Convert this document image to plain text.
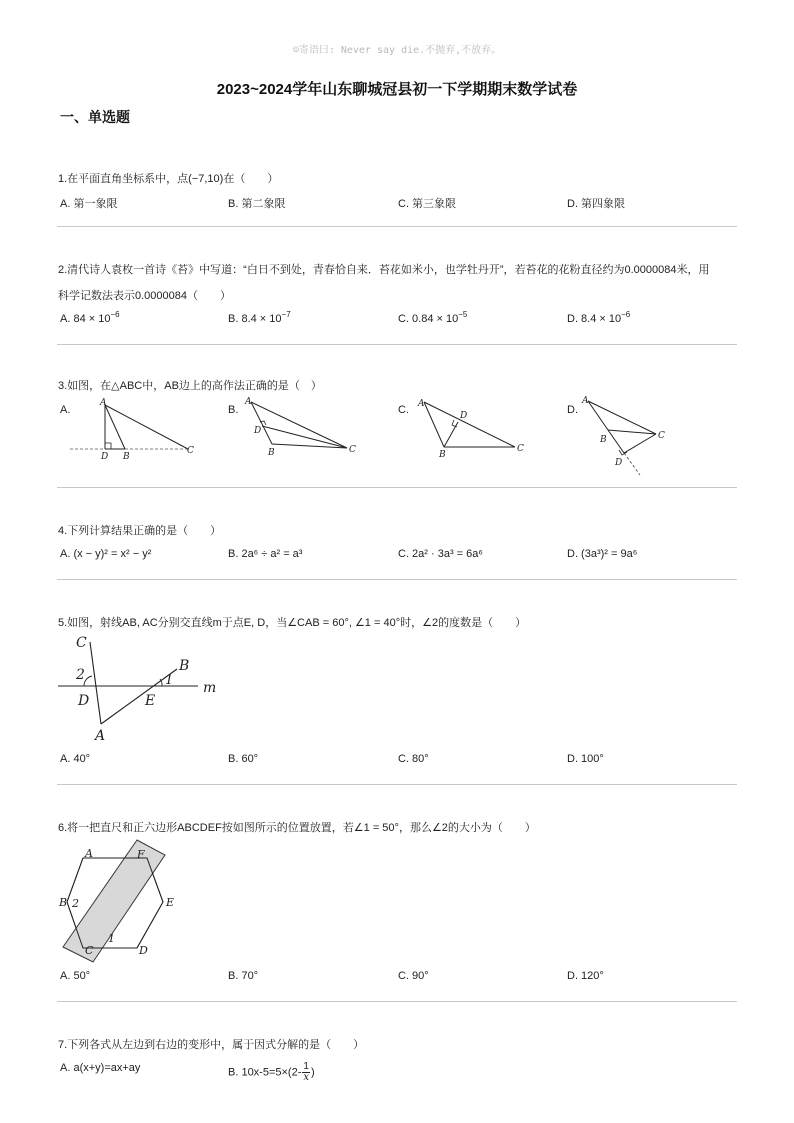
☺寄语曰: Never say die.不抛弃,不放弃。
2023~2024学年山东聊城冠县初一下学期期末数学试卷
一、单选题
1.在平面直角坐标系中，点(−7,10)在（　　）
A. 第一象限	B. 第二象限	C. 第三象限	D. 第四象限
2.清代诗人袁枚一首诗《苔》中写道：“白日不到处，青春恰自来．苔花如米小，也学牡丹开”，若苔花的花粉直径约为0.0000084米，用
科学记数法表示0.0000084（　　）
A. $84 \times 10^{-6}$	B. $8.4 \times 10^{-7}$	C. $0.84 \times 10^{-5}$	D. $8.4 \times 10^{-6}$
3.如图，在△ABC中，AB边上的高作法正确的是（　）
A.	B.	C.	D.
A
D B
C
A
D
B	C
A
D
B
C
A
B	C
D
4.下列计算结果正确的是（　　）
A. (x − y)² = x² − y²	B. 2a⁶ ÷ a² = a³	C. 2a² · 3a³ = 6a⁶	D. (3a³)² = 9a⁶
5.如图，射线AB, AC分别交直线m于点E, D，当∠CAB = 60°, ∠1 = 40°时，∠2的度数是（　　）
C
2
D	E
1
B
m
A
A. 40°	B. 60°	C. 80°	D. 100°
6.将一把直尺和正六边形ABCDEF按如图所示的位置放置，若∠1 = 50°，那么∠2的大小为（　　）
A	F
B 2	E
C
1
D
A. 50°	B. 70°	C. 90°	D. 120°
7.下列各式从左边到右边的变形中，属于因式分解的是（　　）
A. a(x+y)=ax+ay	B. $10x-5=5\times(2- \frac{1}{x}$ )
